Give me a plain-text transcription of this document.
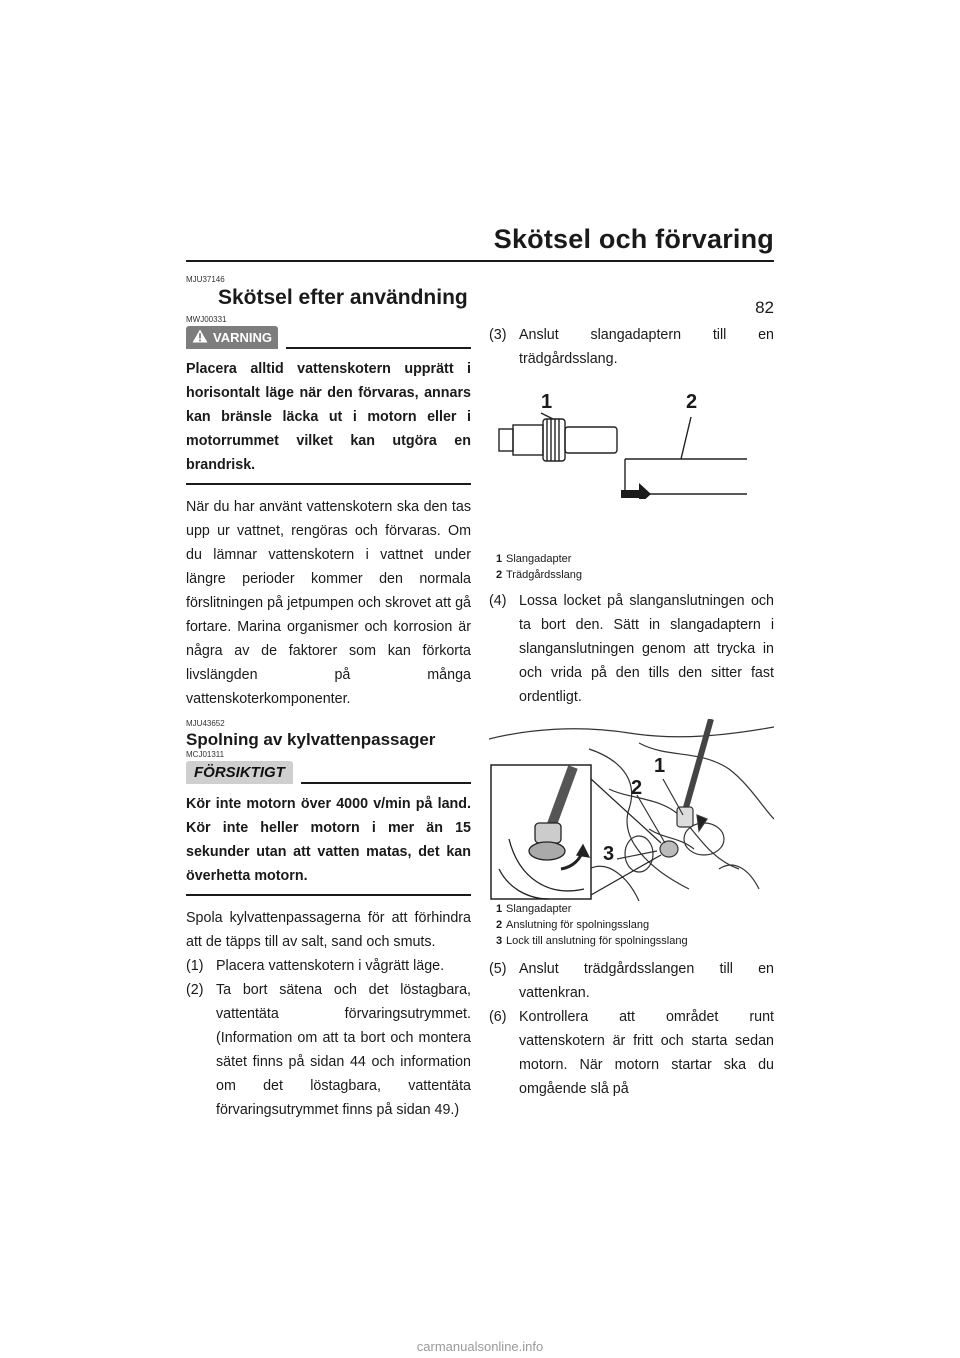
Skötsel och förvaring
82
MJU37146
Skötsel efter användning
MWJ00331
VARNING
Placera alltid vattenskotern upprätt i horisontalt läge när den förvaras, annars kan bränsle läcka ut i motorn eller i motorrummet vilket kan utgöra en brandrisk.
När du har använt vattenskotern ska den tas upp ur vattnet, rengöras och förvaras. Om du lämnar vattenskotern i vattnet under längre perioder kommer den normala förslitningen på jetpumpen och skrovet att gå fortare. Marina organismer och korrosion är några av de faktorer som kan förkorta livslängden på många vattenskoterkomponenter.
MJU43652
Spolning av kylvattenpassager
MCJ01311
FÖRSIKTIGT
Kör inte motorn över 4000 v/min på land. Kör inte heller motorn i mer än 15 sekunder utan att vatten matas, det kan överhetta motorn.
Spola kylvattenpassagerna för att förhindra att de täpps till av salt, sand och smuts.
(1) Placera vattenskotern i vågrätt läge.
(2) Ta bort sätena och det löstagbara, vattentäta förvaringsutrymmet. (Information om att ta bort och montera sätet finns på sidan 44 och information om det löstagbara, vattentäta förvaringsutrymmet finns på sidan 49.)
(3) Anslut slangadaptern till en trädgårdsslang.
1	2
1 Slangadapter
2 Trädgårdsslang
(4) Lossa locket på slanganslutningen och ta bort den. Sätt in slangadaptern i slanganslutningen genom att trycka in och vrida på den tills den sitter fast ordentligt.
1
2
3
1 Slangadapter
2 Anslutning för spolningsslang
3 Lock till anslutning för spolningsslang
(5) Anslut trädgårdsslangen till en vattenkran.
(6) Kontrollera att området runt vattenskotern är fritt och starta sedan motorn. När motorn startar ska du omgående slå på
carmanualsonline.info
